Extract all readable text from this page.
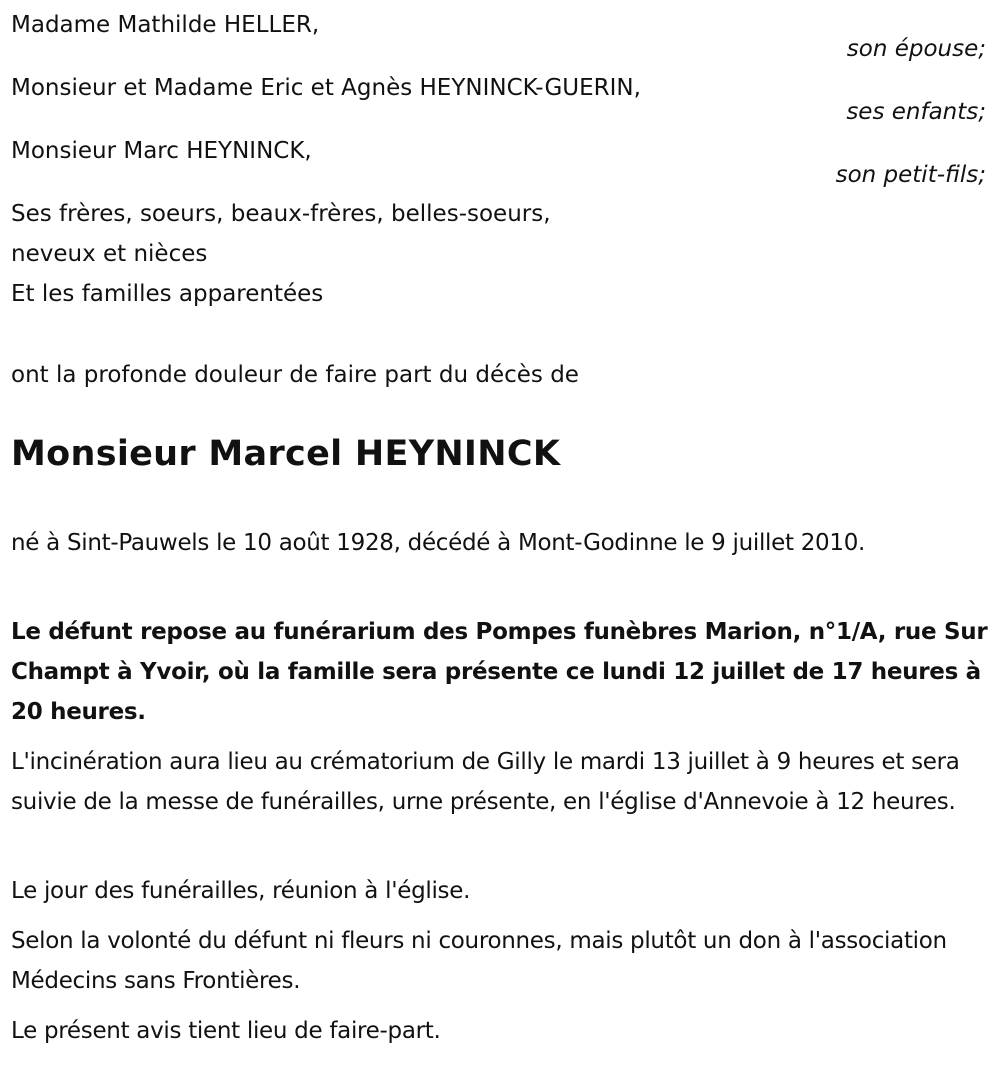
Madame Mathilde HELLER,
son épouse;
Monsieur et Madame Eric et Agnès HEYNINCK-GUERIN,
ses enfants;
Monsieur Marc HEYNINCK,
son petit-fils;
Ses frères, soeurs, beaux-frères, belles-soeurs,
neveux et nièces
Et les familles apparentées
ont la profonde douleur de faire part du décès de
Monsieur Marcel HEYNINCK
né à Sint-Pauwels le 10 août 1928, décédé à Mont-Godinne le 9 juillet 2010.
Le défunt repose au funérarium des Pompes funèbres Marion, n°1/A, rue Sur Champt à Yvoir, où la famille sera présente ce lundi 12 juillet de 17 heures à 20 heures.
L'incinération aura lieu au crématorium de Gilly le mardi 13 juillet à 9 heures et sera suivie de la messe de funérailles, urne présente, en l'église d'Annevoie à 12 heures.
Le jour des funérailles, réunion à l'église.
Selon la volonté du défunt ni fleurs ni couronnes, mais plutôt un don à l'association Médecins sans Frontières.
Le présent avis tient lieu de faire-part.
